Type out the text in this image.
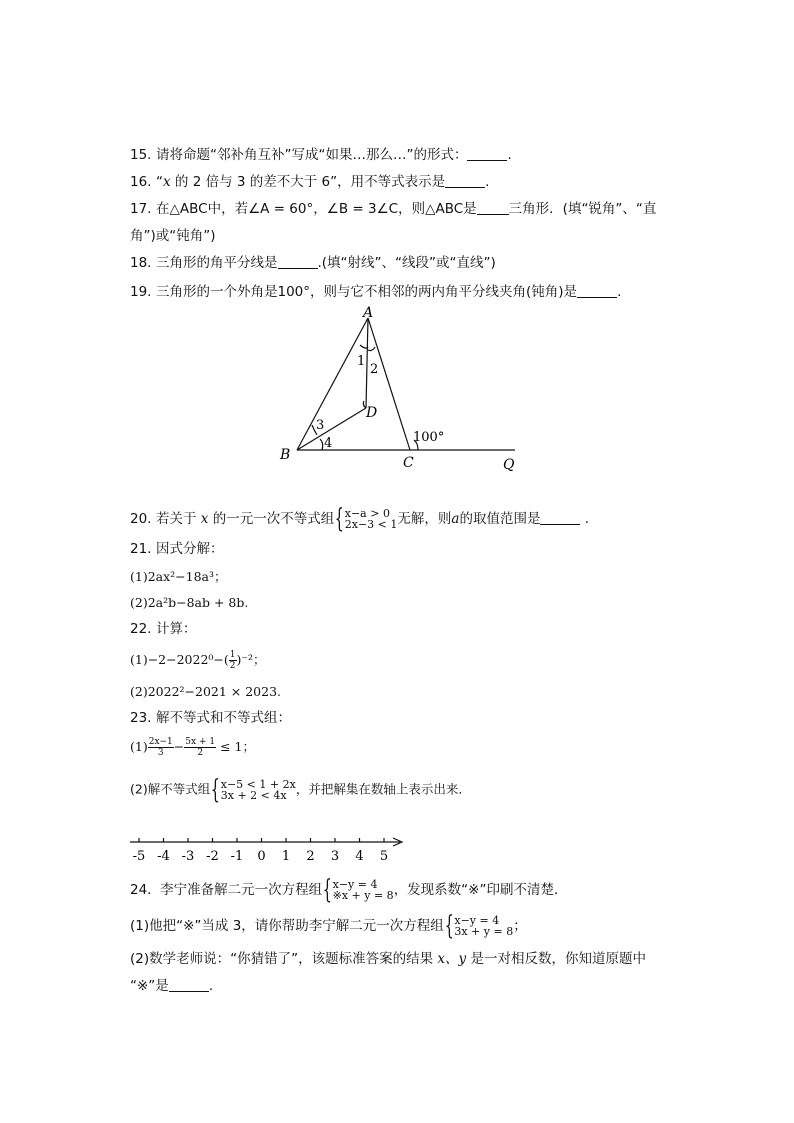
15. 请将命题“邻补角互补”写成“如果…那么…”的形式：	.
16. “x 的 2 倍与 3 的差不大于 6”，用不等式表示是	.
17. 在△ABC中，若∠A = 60°，∠B = 3∠C，则△ABC是 三角形．(填“锐角”、“直
角”)或“钝角”)
18. 三角形的角平分线是	.(填“射线”、“线段”或“直线”)
19. 三角形的一个外角是100°，则与它不相邻的两内角平分线夹角(钝角)是	.
A
B	C
D
Q
1
2
3
4	100°
20. 若关于 x 的一元一次不等式组{x−a > 0
2x−3 < 1无解，则a的取值范围是	.
21. 因式分解：
(1)2ax²−18a³；
(2)2a²b−8ab + 8b.
22. 计算：
$(1)-2-2022^0-( \frac{1}{2} )^{-2}$；
(2)2022²−2021 × 2023.
23. 解不等式和不等式组：
$(1) \frac{2x-1}{3} - \frac{5x + 1}{2} \le 1$；
(2)解不等式组{x−5 < 1 + 2x
3x + 2 < 4x ，并把解集在数轴上表示出来．
-5 -4 -3 -2 -1 0 1 2 3 4 5
24. 李宁准备解二元一次方程组{x−y = 4
※x + y = 8，发现系数“※”印刷不清楚．
(1)他把“※”当成 3，请你帮助李宁解二元一次方程组{x−y = 4
3x + y = 8；
(2)数学老师说：“你猜错了”，该题标准答案的结果 x、y 是一对相反数，你知道原题中
“※”是	.
